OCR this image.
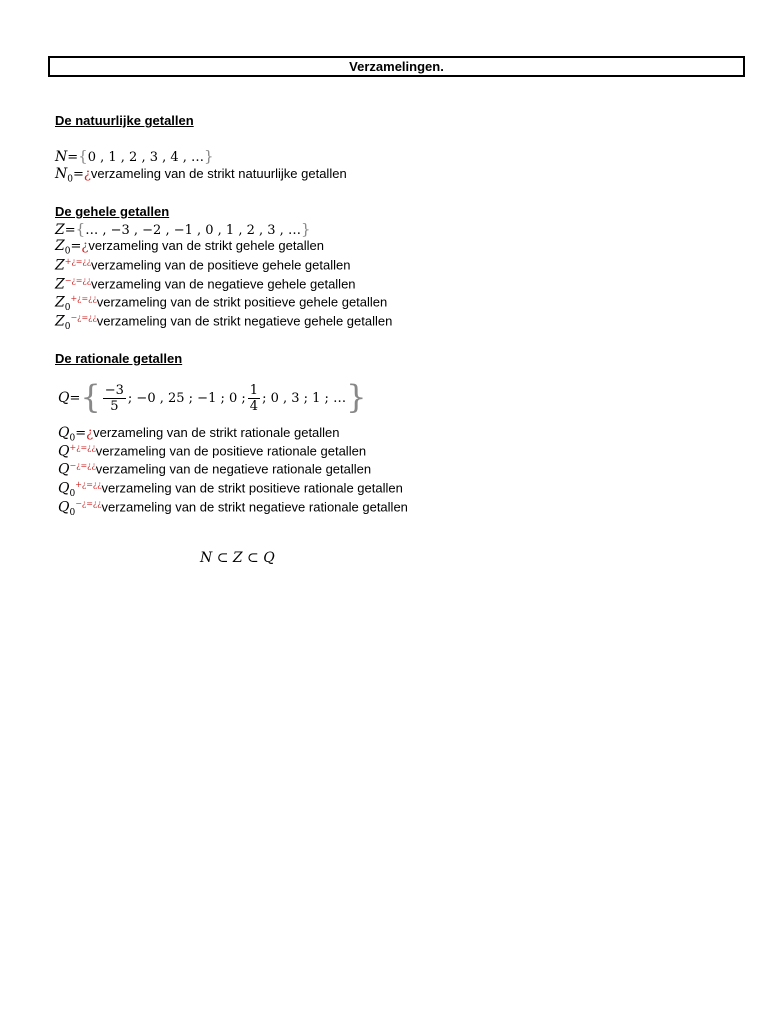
Verzamelingen.
De natuurlijke getallen
N={0 , 1 , 2 , 3 , 4 , …}
$N_0=¿verzameling$ van de strikt natuurlijke getallen
De gehele getallen
Z={… , −3 , −2 , −1 , 0 , 1 , 2 , 3 , …}
$Z_0=¿verzameling$ van de strikt gehele getallen
Z+¿=¿¿verzameling van de positieve gehele getallen
Z−¿=¿¿verzameling van de negatieve gehele getallen
$Z_0^{+¿=¿¿}verzameling$ van de strikt positieve gehele getallen
$Z_0^{-¿=¿¿}verzameling$ van de strikt negatieve gehele getallen
De rationale getallen
$Q=\{ \frac{-3}{5}$ ; −0 , 25 ; −1 ; 0 ; $\frac{1}{4}$ ; 0 , 3 ; 1 ; …}
$Q_0=¿verzameling$ van de strikt rationale getallen
Q+¿=¿¿verzameling van de positieve rationale getallen
Q−¿=¿¿verzameling van de negatieve rationale getallen
$Q_0^{+¿=¿¿}verzameling$ van de strikt positieve rationale getallen
$Q_0^{-¿=¿¿}verzameling$ van de strikt negatieve rationale getallen
N ⊂ Z ⊂ Q
